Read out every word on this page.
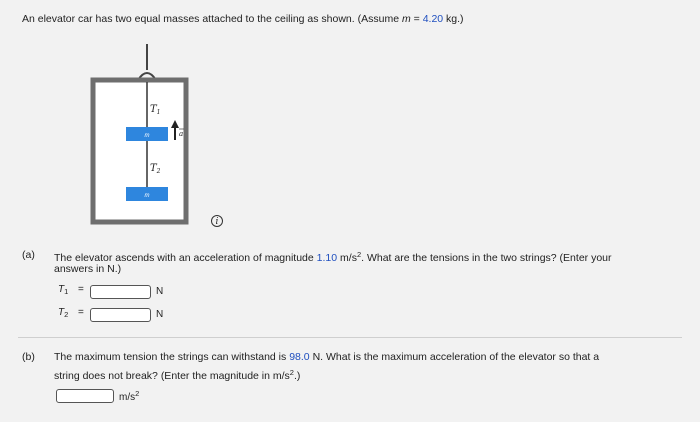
An elevator car has two equal masses attached to the ceiling as shown. (Assume m = 4.20 kg.)
m
m
a
$T_1$
$T_2$
i
(a) The elevator ascends with an acceleration of magnitude 1.10 $m/s^2$. What are the tensions in the two strings? (Enter your
answers in N.)
$T_1$ =	N
$T_2$ =	N
(b) The maximum tension the strings can withstand is 98.0 N. What is the maximum acceleration of the elevator so that a
string does not break? (Enter the magnitude in $m/s^2$.)
$m/s^2$
